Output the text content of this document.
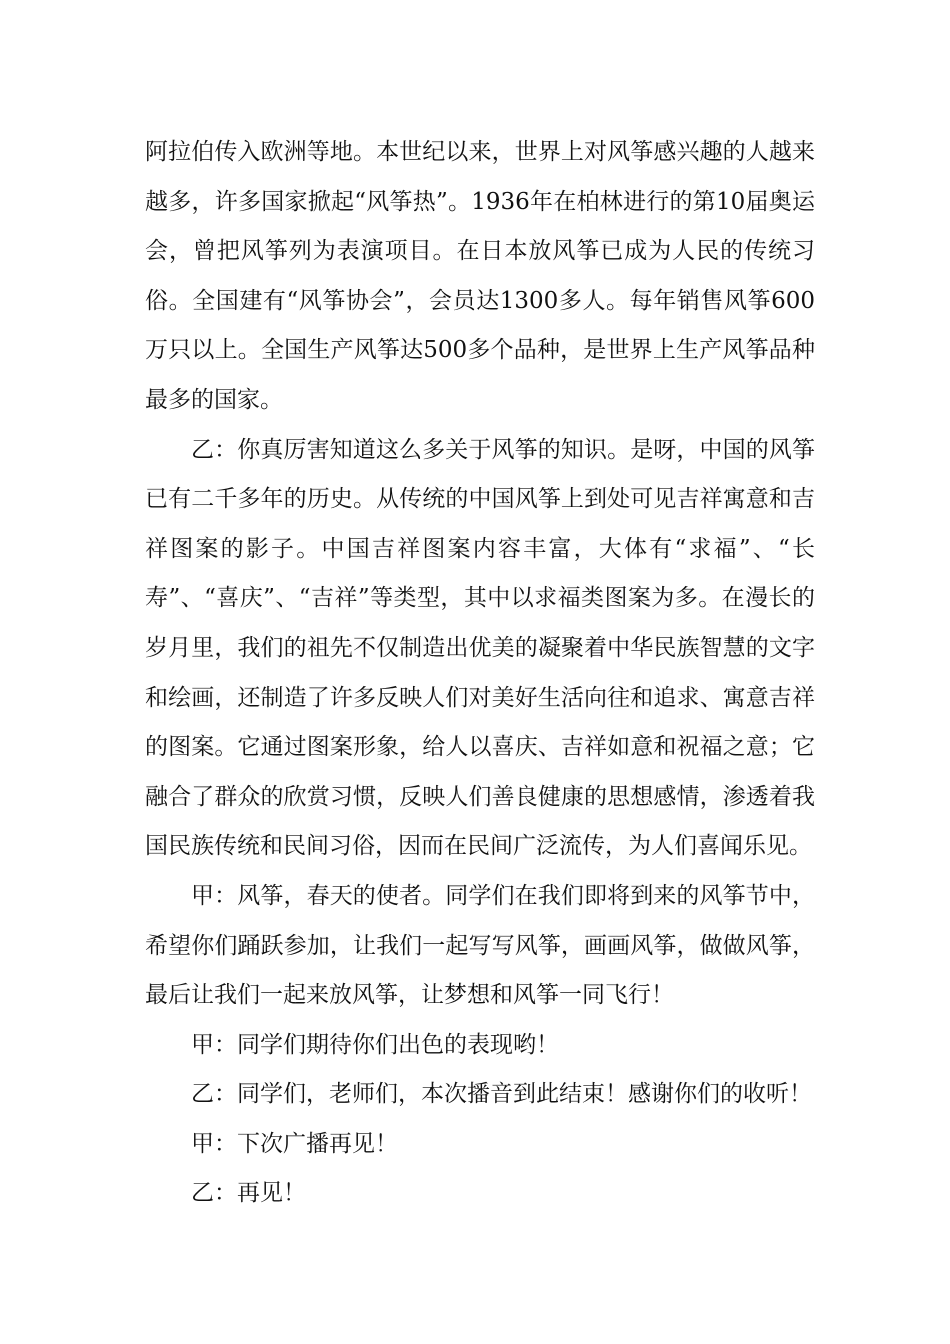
阿拉伯传入欧洲等地。本世纪以来，世界上对风筝感兴趣的人越来越多，许多国家掀起“风筝热”。1936年在柏林进行的第10届奥运会，曾把风筝列为表演项目。在日本放风筝已成为人民的传统习俗。全国建有“风筝协会”，会员达1300多人。每年销售风筝600万只以上。全国生产风筝达500多个品种，是世界上生产风筝品种最多的国家。

乙：你真厉害知道这么多关于风筝的知识。是呀，中国的风筝已有二千多年的历史。从传统的中国风筝上到处可见吉祥寓意和吉祥图案的影子。中国吉祥图案内容丰富，大体有“求福”、“长寿”、“喜庆”、“吉祥”等类型，其中以求福类图案为多。在漫长的岁月里，我们的祖先不仅制造出优美的凝聚着中华民族智慧的文字和绘画，还制造了许多反映人们对美好生活向往和追求、寓意吉祥的图案。它通过图案形象，给人以喜庆、吉祥如意和祝福之意；它融合了群众的欣赏习惯，反映人们善良健康的思想感情，渗透着我国民族传统和民间习俗，因而在民间广泛流传，为人们喜闻乐见。

甲：风筝，春天的使者。同学们在我们即将到来的风筝节中，希望你们踊跃参加，让我们一起写写风筝，画画风筝，做做风筝，最后让我们一起来放风筝，让梦想和风筝一同飞行！

甲：同学们期待你们出色的表现哟！

乙：同学们，老师们，本次播音到此结束！感谢你们的收听！

甲：下次广播再见！

乙：再见！
